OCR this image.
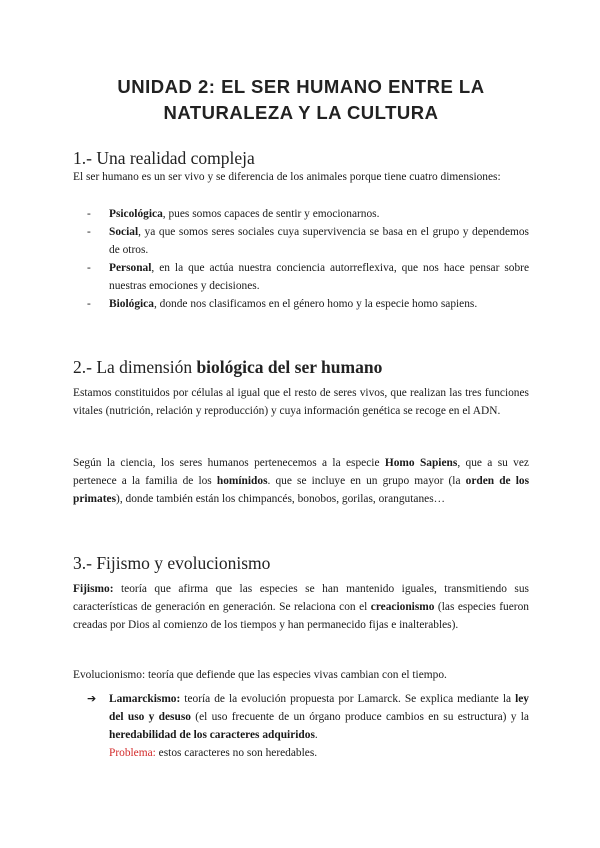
UNIDAD 2: EL SER HUMANO ENTRE LA
NATURALEZA Y LA CULTURA
1.- Una realidad compleja

El ser humano es un ser vivo y se diferencia de los animales porque tiene cuatro dimensiones:

- Psicológica, pues somos capaces de sentir y emocionarnos.
- Social, ya que somos seres sociales cuya supervivencia se basa en el grupo y dependemos de otros.
- Personal, en la que actúa nuestra conciencia autorreflexiva, que nos hace pensar sobre nuestras emociones y decisiones.
- Biológica, donde nos clasificamos en el género homo y la especie homo sapiens.
2.- La dimensión biológica del ser humano

Estamos constituidos por células al igual que el resto de seres vivos, que realizan las tres funciones vitales (nutrición, relación y reproducción) y cuya información genética se recoge en el ADN.

Según la ciencia, los seres humanos pertenecemos a la especie Homo Sapiens, que a su vez pertenece a la familia de los homínidos. que se incluye en un grupo mayor (la orden de los primates), donde también están los chimpancés, bonobos, gorilas, orangutanes…

3.- Fijismo y evolucionismo

Fijismo: teoría que afirma que las especies se han mantenido iguales, transmitiendo sus características de generación en generación. Se relaciona con el creacionismo (las especies fueron creadas por Dios al comienzo de los tiempos y han permanecido fijas e inalterables).

Evolucionismo: teoría que defiende que las especies vivas cambian con el tiempo.

➔ Lamarckismo: teoría de la evolución propuesta por Lamarck. Se explica mediante la ley del uso y desuso (el uso frecuente de un órgano produce cambios en su estructura) y la heredabilidad de los caracteres adquiridos.
Problema: estos caracteres no son heredables.
